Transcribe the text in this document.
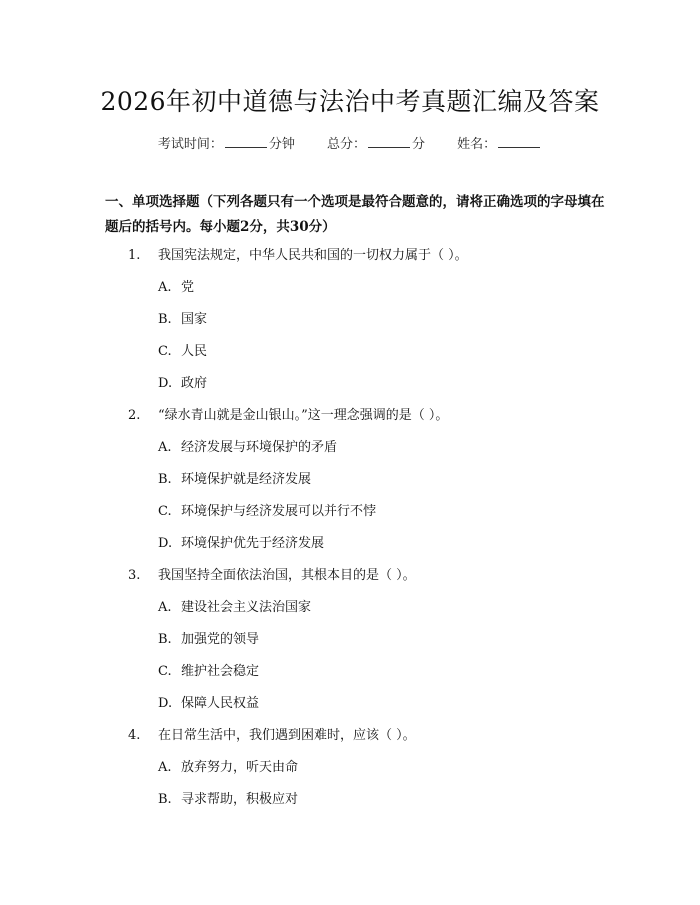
2026年初中道德与法治中考真题汇编及答案
考试时间：	分钟 总分：	分 姓名：

一、单项选择题（下列各题只有一个选项是最符合题意的，请将正确选项的字母填在题后的括号内。每小题2分，共30分）

1. 我国宪法规定，中华人民共和国的一切权力属于（ ）。
A. 党
B. 国家
C. 人民
D. 政府
2. “绿水青山就是金山银山。”这一理念强调的是（ ）。
A. 经济发展与环境保护的矛盾
B. 环境保护就是经济发展
C. 环境保护与经济发展可以并行不悖
D. 环境保护优先于经济发展
3. 我国坚持全面依法治国，其根本目的是（ ）。
A. 建设社会主义法治国家
B. 加强党的领导
C. 维护社会稳定
D. 保障人民权益
4. 在日常生活中，我们遇到困难时，应该（ ）。
A. 放弃努力，听天由命
B. 寻求帮助，积极应对
